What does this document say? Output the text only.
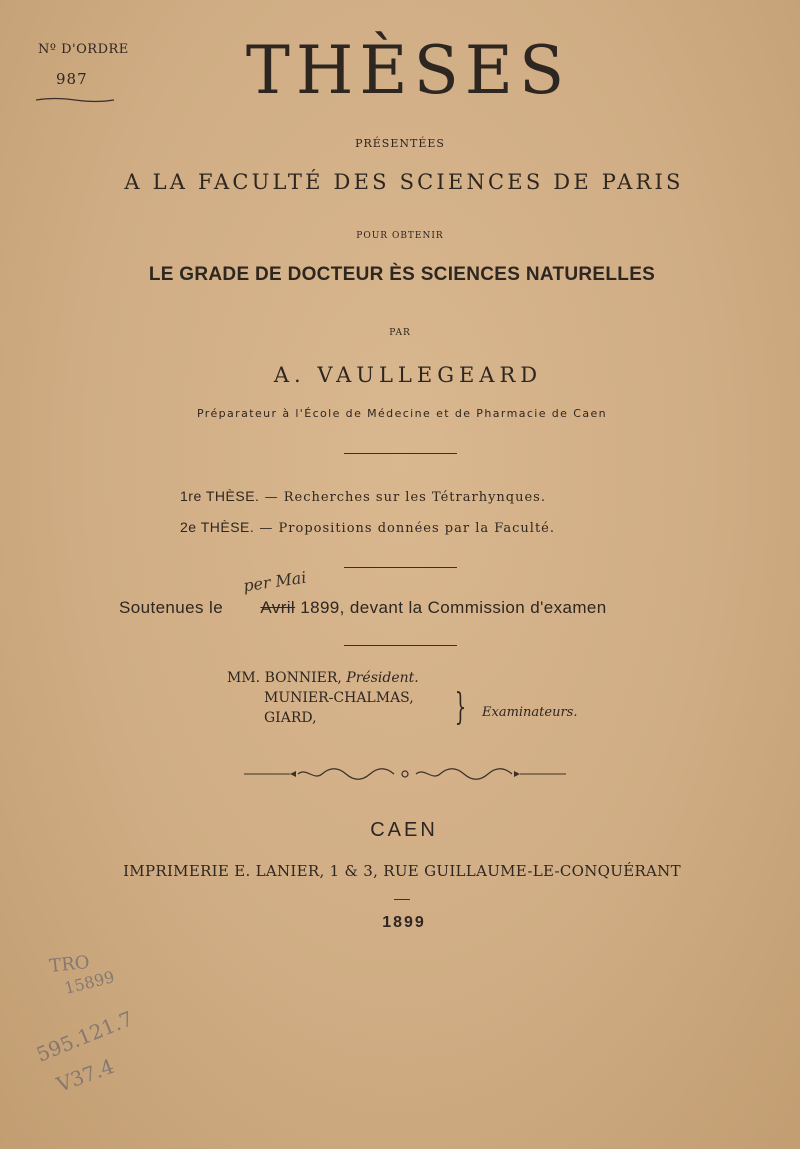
Nº D'ORDRE
987	THÈSES
PRÉSENTÉES
A LA FACULTÉ DES SCIENCES DE PARIS
POUR OBTENIR
LE GRADE DE DOCTEUR ÈS SCIENCES NATURELLES
PAR
A. VAULLEGEARD
Préparateur à l'École de Médecine et de Pharmacie de Caen
1re THÈSE. — Recherches sur les Tétrarhynques.
2e THÈSE. — Propositions données par la Faculté.
per Mai
Soutenues le Avril 1899, devant la Commission d'examen
MM. BONNIER, Président.
MUNIER-CHALMAS,
GIARD,	} Examinateurs.
CAEN
IMPRIMERIE E. LANIER, 1 & 3, RUE GUILLAUME-LE-CONQUÉRANT
1899
TRO
15899
595.121.7
V37.4
